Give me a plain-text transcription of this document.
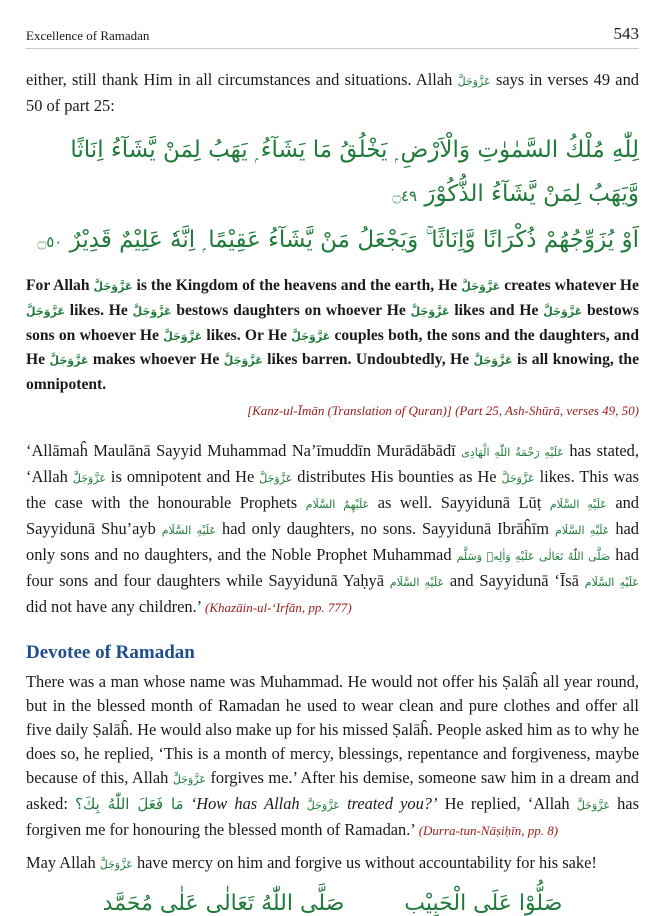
Excellence of Ramadan	543

either, still thank Him in all circumstances and situations. Allah عَزَّوَجَلَّ says in verses 49 and 50 of part 25:

لِلّٰهِ مُلْكُ السَّمٰوٰتِ وَالْاَرْضِ ۭ يَخْلُقُ مَا يَشَآءُ ۭ يَهَبُ لِمَنْ يَّشَآءُ اِنَاثًا وَّيَهَبُ لِمَنْ يَّشَآءُ الذُّكُوْرَ ۝٤٩

اَوْ يُزَوِّجُهُمْ ذُكْرَانًا وَّاِنَاثًا ۚ وَيَجْعَلُ مَنْ يَّشَآءُ عَقِيْمًا ۭ اِنَّهٗ عَلِيْمٌ قَدِيْرٌ ۝٥٠

For Allah عَزَّوَجَلَّ is the Kingdom of the heavens and the earth, He عَزَّوَجَلَّ creates whatever He عَزَّوَجَلَّ likes. He عَزَّوَجَلَّ bestows daughters on whoever He عَزَّوَجَلَّ likes and He عَزَّوَجَلَّ bestows sons on whoever He عَزَّوَجَلَّ likes. Or He عَزَّوَجَلَّ couples both, the sons and the daughters, and He عَزَّوَجَلَّ makes whoever He عَزَّوَجَلَّ likes barren. Undoubtedly, He عَزَّوَجَلَّ is all knowing, the omnipotent.

[Kanz-ul-Īmān (Translation of Quran)] (Part 25, Ash-Shūrā, verses 49, 50)

‘Allāmaĥ Maulānā Sayyid Muhammad Na’īmuddīn Murādābādī عَلَيْهِ رَحْمَةُ اللّٰهِ الْهَادِى has stated, ‘Allah عَزَّوَجَلَّ is omnipotent and He عَزَّوَجَلَّ distributes His bounties as He عَزَّوَجَلَّ likes. This was the case with the honourable Prophets عَلَيْهِمُ السَّلَام as well. Sayyidunā Lūṭ عَلَيْهِ السَّلَام and Sayyidunā Shu’ayb عَلَيْهِ السَّلَام had only daughters, no sons. Sayyidunā Ibrāĥīm عَلَيْهِ السَّلَام had only sons and no daughters, and the Noble Prophet Muhammad صَلَّى اللّٰهُ تَعَالٰى عَلَيْهِ وَاٰلِهٖ وَسَلَّم had four sons and four daughters while Sayyidunā Yaḥyā عَلَيْهِ السَّلَام and Sayyidunā ‘Īsā عَلَيْهِ السَّلَام did not have any children.’ (Khazāin-ul-‘Irfān, pp. 777)

Devotee of Ramadan

There was a man whose name was Muhammad. He would not offer his Ṣalāĥ all year round, but in the blessed month of Ramadan he used to wear clean and pure clothes and offer all five daily Ṣalāĥ. He would also make up for his missed Ṣalāĥ. People asked him as to why he does so, he replied, ‘This is a month of mercy, blessings, repentance and forgiveness, maybe because of this, Allah عَزَّوَجَلَّ forgives me.’ After his demise, someone saw him in a dream and asked: مَا فَعَلَ اللّٰهُ بِكَ؟ ‘How has Allah عَزَّوَجَلَّ treated you?’ He replied, ‘Allah عَزَّوَجَلَّ has forgiven me for honouring the blessed month of Ramadan.’ (Durra-tun-Nāṣiḥīn, pp. 8)

May Allah عَزَّوَجَلَّ have mercy on him and forgive us without accountability for his sake!

صَلُّوْا عَلَى الْحَبِيْب
صَلَّى اللّٰهُ تَعَالٰى عَلٰى مُحَمَّد
